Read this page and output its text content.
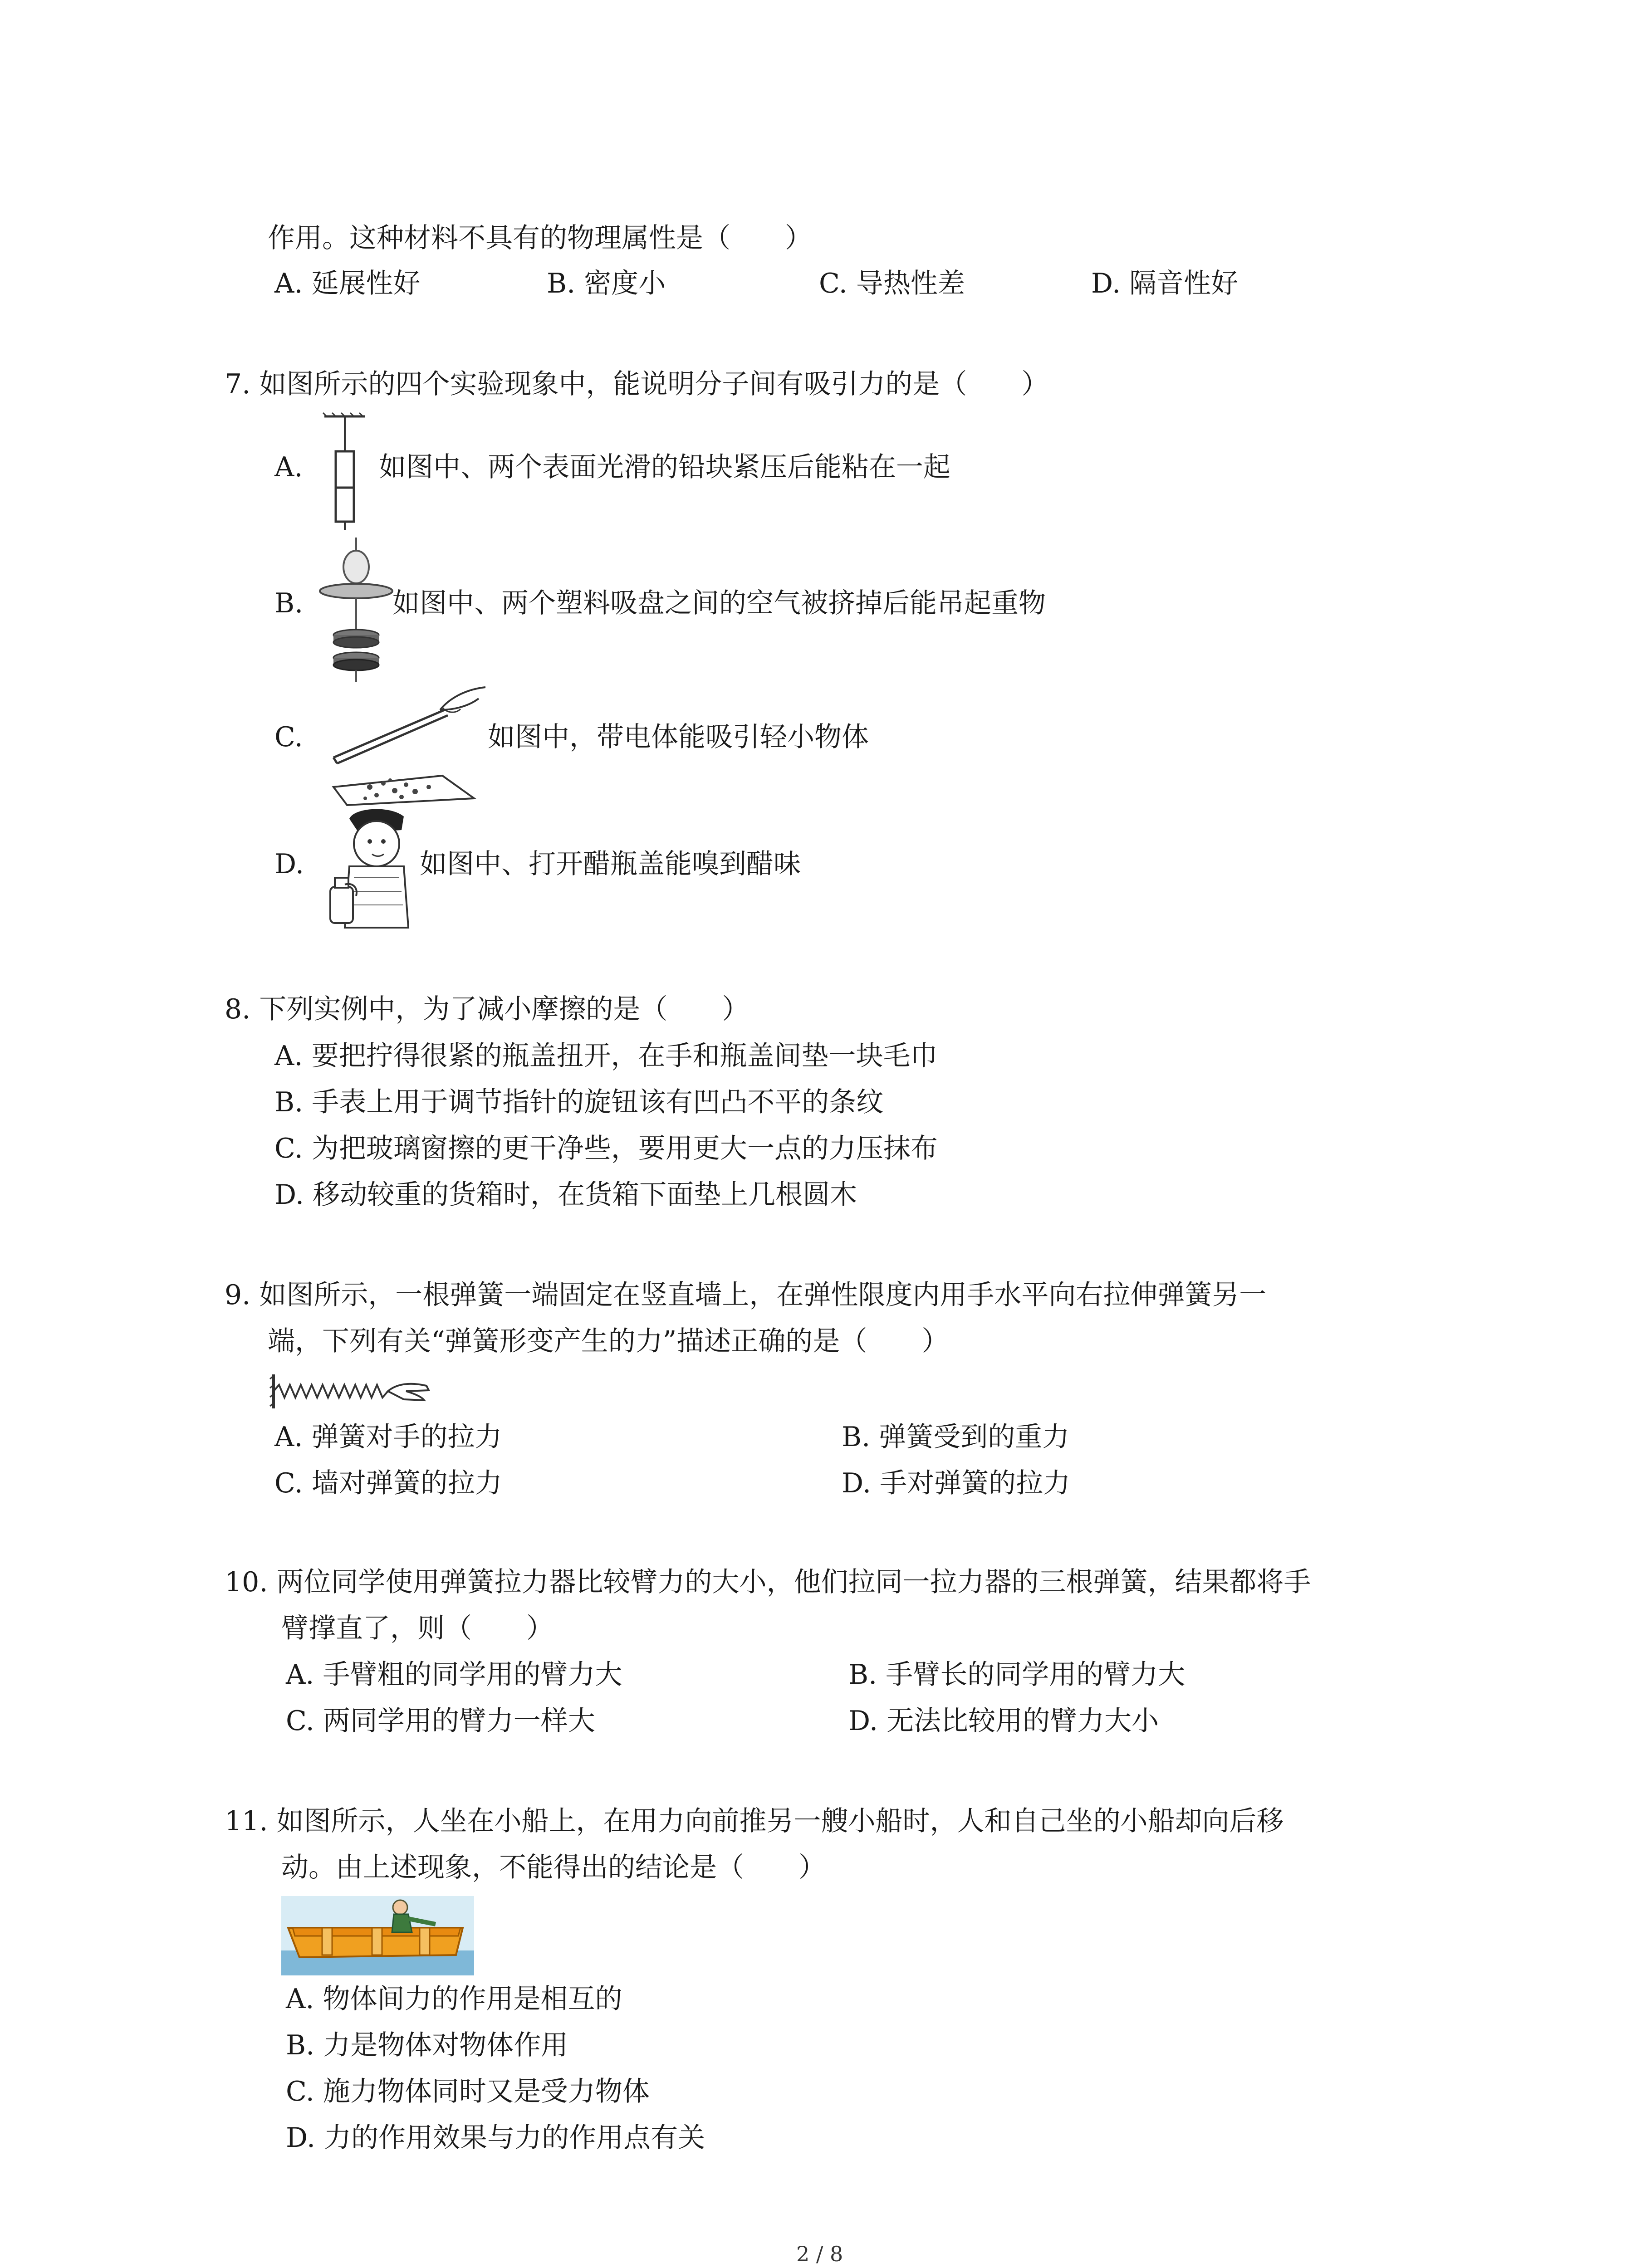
作用。这种材料不具有的物理属性是（　　）
A. 延展性好	B. 密度小	C. 导热性差	D. 隔音性好
7. 如图所示的四个实验现象中，能说明分子间有吸引力的是（　　）
A.	如图中、两个表面光滑的铅块紧压后能粘在一起
B.	如图中、两个塑料吸盘之间的空气被挤掉后能吊起重物
C.	如图中，带电体能吸引轻小物体
D.	如图中、打开醋瓶盖能嗅到醋味
8. 下列实例中，为了减小摩擦的是（　　）
A. 要把拧得很紧的瓶盖扭开，在手和瓶盖间垫一块毛巾
B. 手表上用于调节指针的旋钮该有凹凸不平的条纹
C. 为把玻璃窗擦的更干净些，要用更大一点的力压抹布
D. 移动较重的货箱时，在货箱下面垫上几根圆木
9. 如图所示，一根弹簧一端固定在竖直墙上，在弹性限度内用手水平向右拉伸弹簧另一
端，下列有关“弹簧形变产生的力”描述正确的是（　　）
A. 弹簧对手的拉力	B. 弹簧受到的重力
C. 墙对弹簧的拉力	D. 手对弹簧的拉力
10. 两位同学使用弹簧拉力器比较臂力的大小，他们拉同一拉力器的三根弹簧，结果都将手
臂撑直了，则（　　）
A. 手臂粗的同学用的臂力大	B. 手臂长的同学用的臂力大
C. 两同学用的臂力一样大	D. 无法比较用的臂力大小
11. 如图所示，人坐在小船上，在用力向前推另一艘小船时，人和自己坐的小船却向后移
动。由上述现象，不能得出的结论是（　　）
A. 物体间力的作用是相互的
B. 力是物体对物体作用
C. 施力物体同时又是受力物体
D. 力的作用效果与力的作用点有关
2 / 8
